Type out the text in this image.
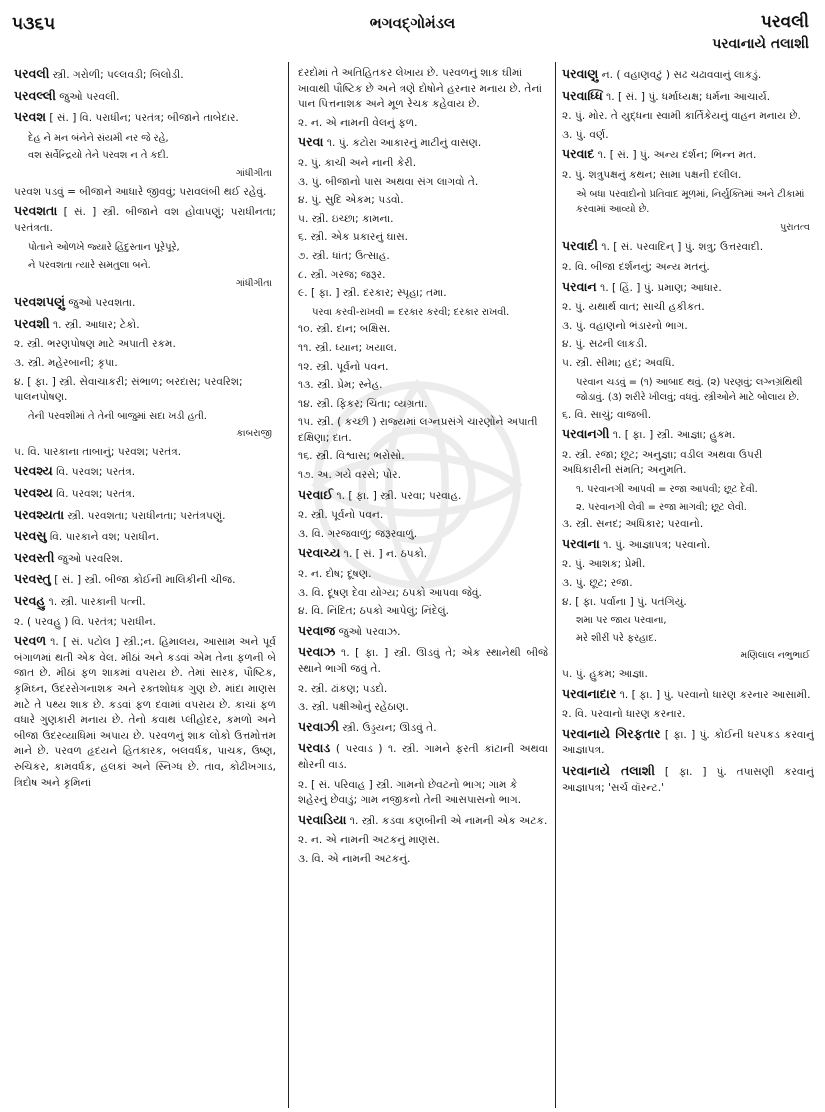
૫૩૬૫	ભગવદ્ગોમંડલ	પરવલી
પરવાનાયે તલાશી
પરવલી સ્ત્રી. ગરોળી; પલ્લવડી; બિલોડી.
પરવલ્લી જુઓ પરવલી.
પરવશ [ સં. ] વિ. પરાધીન; પરતંત્ર; બીજાને તાબેદાર.
દેહ ને મન બંનેને સંયમી નર જે રહે,
વશ સર્વેન્દ્રિયો તેને પરવશ ન તે કદી.
ગાંધીગીતા
પરવશ પડવું = બીજાને આધારે જીવવું; પરાવલંબી થઈ રહેવું.
પરવશતા [ સં. ] સ્ત્રી. બીજાને વશ હોવાપણું; પરાધીનતા; પરતંત્રતા.
પોતાને ઓળખે જ્યારે હિંદુસ્તાન પૂરેપૂરે,
ને પરવશતા ત્યારે સમતુલા બને.
ગાંધીગીતા
પરવશપણું જુઓ પરવશતા.
પરવશી ૧. સ્ત્રી. આધાર; ટેકો.
૨. સ્ત્રી. ભરણપોષણ માટે અપાતી રકમ.
૩. સ્ત્રી. મહેરબાની; કૃપા.
૪. [ ફા. ] સ્ત્રી. સેવાચાકરી; સંભાળ; બરદાસ; પરવરિશ; પાલનપોષણ.
તેની પરવશીમાં તે તેની બાજુમાં સદા ખડી હતી.
કાબરાજી
૫. વિ. પારકાના તાબાનું; પરવશ; પરતંત્ર.
પરવશ્ય વિ. પરવશ; પરતંત્ર.
પરવશ્ય વિ. પરવશ; પરતંત્ર.
પરવશ્યતા સ્ત્રી. પરવશતા; પરાધીનતા; પરતંત્રપણું.
પરવસુ વિ. પારકાને વશ; પરાધીન.
પરવસ્તી જુઓ પરવરિશ.
પરવસ્તુ [ સં. ] સ્ત્રી. બીજા કોઈની માલિકીની ચીજ.
પરવહુ ૧. સ્ત્રી. પારકાની પત્ની.
૨. ( પરવહુ ) વિ. પરતંત્ર; પરાધીન.
પરવળ ૧. [ સં. પટોલ ] સ્ત્રી.;ન. હિમાલય, આસામ અને પૂર્વ બંગાળમાં થતી એક વેલ. મીઠાં અને કડવાં એમ તેના ફળની બે જાત છે. મીઠાં ફળ શાકમાં વપરાય છે. તેમાં સારક, પૌષ્ટિક, કૃમિઘ્ન, ઉદરરોગનાશક અને રક્તશોધક ગુણ છે. માંદા માણસ માટે તે પથ્ય શાક છે. કડવાં ફળ દવામાં વપરાય છે. કાચાં ફળ વધારે ગુણકારી મનાય છે. તેનો કવાથ પ્લીહોદર, કમળો અને બીજા ઉદરવ્યાધિમાં અપાય છે. પરવળનું શાક લોકો ઉત્તમોત્તમ માને છે. પરવળ હૃદયને હિતકારક, બલવર્ધક, પાચક, ઉષ્ણ, રુચિકર, કામવર્ધક, હલકાં અને સ્નિગ્ધ છે. તાવ, કોઢીખગાડ, ત્રિદોષ અને કૃમિનાં
દરદોમાં તે અતિહિતકર લેખાય છે. પરવળનું શાક ઘીમાં ખાવાથી પૌષ્ટિક છે અને ત્રણે દોષોને હરનાર મનાય છે. તેનાં પાન પિત્તનાશક અને મૂળ રેચક કહેવાય છે.
૨. ન. એ નામની વેલનું ફળ.
પરવા ૧. પું. કટોરા આકારનું માટીનું વાસણ.
૨. પું. કાચી અને નાની કેરી.
૩. પું. બીજાનો પાસ અથવા સંગ લાગવો તે.
૪. પું. સુદિ એકમ; પડવો.
૫. સ્ત્રી. ઇચ્છા; કામના.
૬. સ્ત્રી. એક પ્રકારનું ઘાસ.
૭. સ્ત્રી. ધાંત; ઉત્સાહ.
૮. સ્ત્રી. ગરજ; જરૂર.
૯. [ ફા. ] સ્ત્રી. દરકાર; સ્પૃહા; તમા.
પરવા કરવી-રાખવી = દરકાર કરવી; દરકાર રાખવી.
૧૦. સ્ત્રી. દાન; બક્ષિસ.
૧૧. સ્ત્રી. ધ્યાન; ખયાલ.
૧૨. સ્ત્રી. પૂર્વનો પવન.
૧૩. સ્ત્રી. પ્રેમ; સ્નેહ.
૧૪. સ્ત્રી. ફિકર; ચિંતા; વ્યગ્રતા.
૧૫. સ્ત્રી. ( કચ્છી ) રાજ્યમાં લગ્નપ્રસંગે ચારણોને અપાતી દક્ષિણા; દાત.
૧૬. સ્ત્રી. વિશ્વાસ; ભરોસો.
૧૭. અ. ગયે વરસે; પોર.
પરવાઈ ૧. [ ફા. ] સ્ત્રી. પરવા; પરવાહ.
૨. સ્ત્રી. પૂર્વનો પવન.
૩. વિ. ગરજવાળું; જરૂરવાળું.
પરવાચ્ય ૧. [ સં. ] ન. ઠપકો.
૨. ન. દોષ; દૂષણ.
૩. વિ. દૂષણ દેવા યોગ્ય; ઠપકો આપવા જેવું.
૪. વિ. નિંદિત; ઠપકો આપેલું; નિંદેલું.
પરવાજ જુઓ પરવાઝ.
પરવાઝ ૧. [ ફા. ] સ્ત્રી. ઊડવું તે; એક સ્થાનેથી બીજે સ્થાને ભાગી જવું તે.
૨. સ્ત્રી. ઢાંકણ; પડદો.
૩. સ્ત્રી. પક્ષીઓનું રહેઠાણ.
પરવાઝી સ્ત્રી. ઉડ્ડયન; ઊડવું તે.
પરવાડ ( પરવાડ ) ૧. સ્ત્રી. ગામને ફરતી કાંટાની અથવા થોરની વાડ.
૨. [ સં. પરિવાહ ] સ્ત્રી. ગામનો છેવટનો ભાગ; ગામ કે શહેરનું છેવાડું; ગામ નજીકનો તેની આસપાસનો ભાગ.
પરવાડિયા ૧. સ્ત્રી. કડવા કણબીની એ નામની એક અટક.
૨. ન. એ નામની અટકનું માણસ.
૩. વિ. એ નામની અટકનું.
પરવાણુ ન. ( વહાણવટું ) સઢ ચઢાવવાનું લાકડું.
પરવાધ્ધિ ૧. [ સં. ] પું. ધર્માધ્યક્ષ; ધર્મના આચાર્ય.
૨. પું. મોર. તે યુદ્ધના સ્વામી કાર્તિકેયનું વાહન મનાય છે.
૩. પું. વર્ણ.
પરવાદ ૧. [ સં. ] પું. અન્ય દર્શન; ભિન્ન મત.
૨. પું. શત્રુપક્ષનું કથન; સામા પક્ષની દલીલ.
એ બધા પરવાદોનો પ્રતિવાદ મૂળમાં, નિર્યુક્તિમાં અને ટીકામાં કરવામાં આવ્યો છે.
પુરાતત્વ
પરવાદી ૧. [ સં. પરવાદિન્ ] પું. શત્રુ; ઉત્તરવાદી.
૨. વિ. બીજા દર્શનનું; અન્ય મતનું.
પરવાન ૧. [ હિં. ] પું. પ્રમાણ; આધાર.
૨. પું. યથાર્થ વાત; સાચી હકીકત.
૩. પું. વહાણનો ભંડારનો ભાગ.
૪. પું. સઢની લાકડી.
૫. સ્ત્રી. સીમા; હદ; અવધિ.
પરવાન ચડવું = (૧) આબાદ થવું. (૨) પરણવું; લગ્નગ્રંથિથી જોડાવું. (૩) શરીરે ખીલવું; વધવું. સ્ત્રીઓને માટે બોલાય છે.
૬. વિ. સાચું; વાજબી.
પરવાનગી ૧. [ ફા. ] સ્ત્રી. આજ્ઞા; હુકમ.
૨. સ્ત્રી. રજા; છૂટ; અનુજ્ઞા; વડીલ અથવા ઉપરી અધિકારીની સંમતિ; અનુમતિ.
૧. પરવાનગી આપવી = રજા આપવી; છૂટ દેવી.
૨. પરવાનગી લેવી = રજા માગવી; છૂટ લેવી.
૩. સ્ત્રી. સનદ; અધિકાર; પરવાનો.
પરવાના ૧. પું. આજ્ઞાપત્ર; પરવાનો.
૨. પું. આશક; પ્રેમી.
૩. પું. છૂટ; રજા.
૪. [ ફા. પર્વાના ] પું. પતંગિયું.
શમા પર જાય પરવાના,
મરે શીરીં પરે ફરહાદ.
મણિલાલ નભુભાઈ
૫. પું. હુકમ; આજ્ઞા.
પરવાનાદાર ૧. [ ફા. ] પું. પરવાનો ધારણ કરનાર આસામી.
૨. વિ. પરવાનો ધારણ કરનાર.
પરવાનાયે ગિરફતાર [ ફા. ] પું. કોઈની ધરપકડ કરવાનું આજ્ઞાપત્ર.
પરવાનાયે તલાશી [ ફા. ] પું. તપાસણી કરવાનું આજ્ઞાપત્ર; 'સર્ચ વૉરન્ટ.'
